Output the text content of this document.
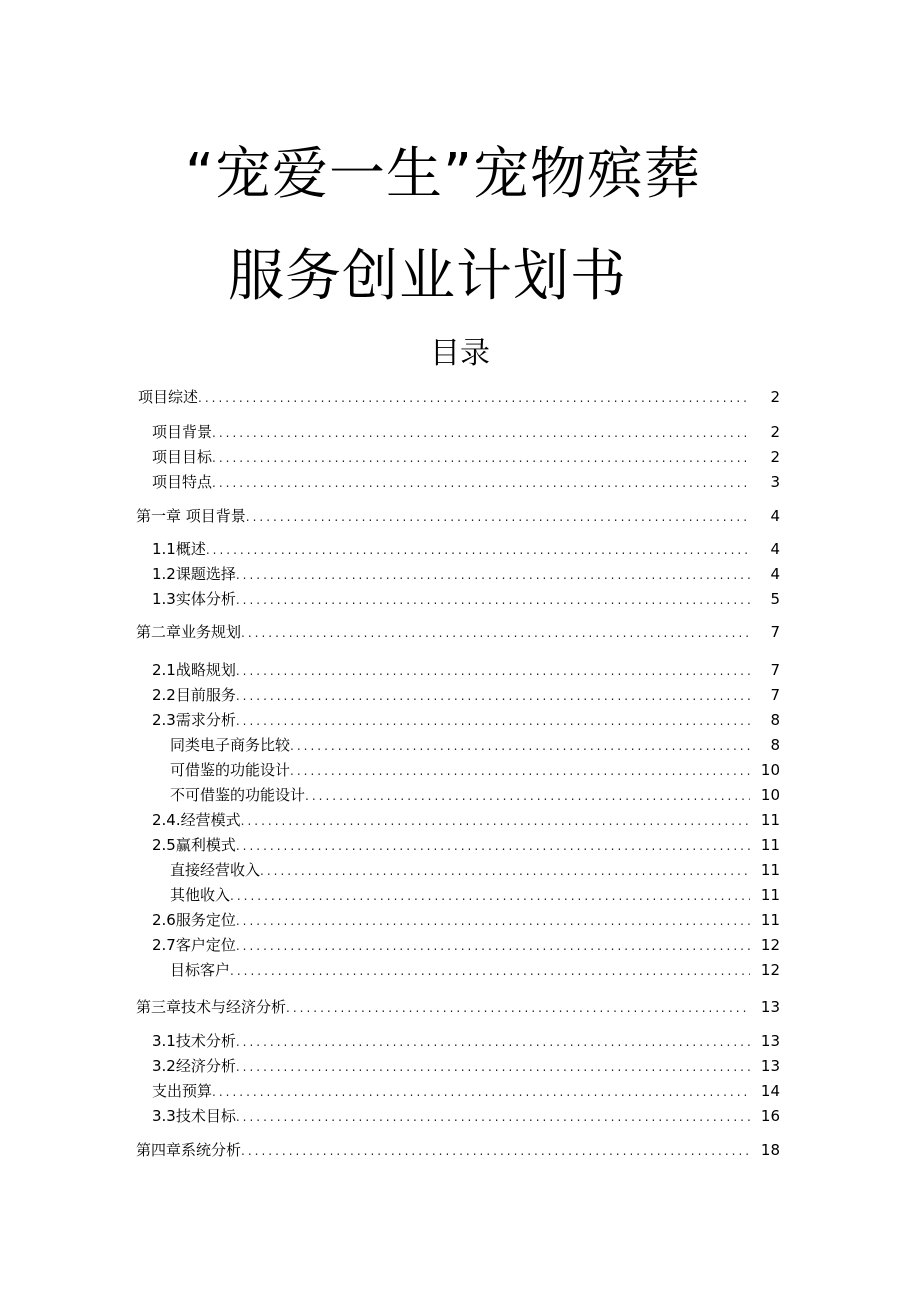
“宠爱一生”宠物殡葬
服务创业计划书
目录
项目综述 .....	2
项目背景 .....	2
项目目标 .....	2
项目特点 .....	3
第一章 项目背景 .....	4
1.1概述 .....	4
1.2课题选择 .....	4
1.3实体分析 .....	5
第二章业务规划 .....	7
2.1战略规划 .....	7
2.2目前服务 .....	7
2.3需求分析 .....	8
同类电子商务比较 .....	8
可借鉴的功能设计 .....	10
不可借鉴的功能设计 .....	10
2.4.经营模式 .....	11
2.5赢利模式 .....	11
直接经营收入 .....	11
其他收入 .....	11
2.6服务定位 .....	11
2.7客户定位 .....	12
目标客户 .....	12
第三章技术与经济分析 .....	13
3.1技术分析 .....	13
3.2经济分析 .....	13
支出预算 .....	14
3.3技术目标 .....	16
第四章系统分析 .....	18
